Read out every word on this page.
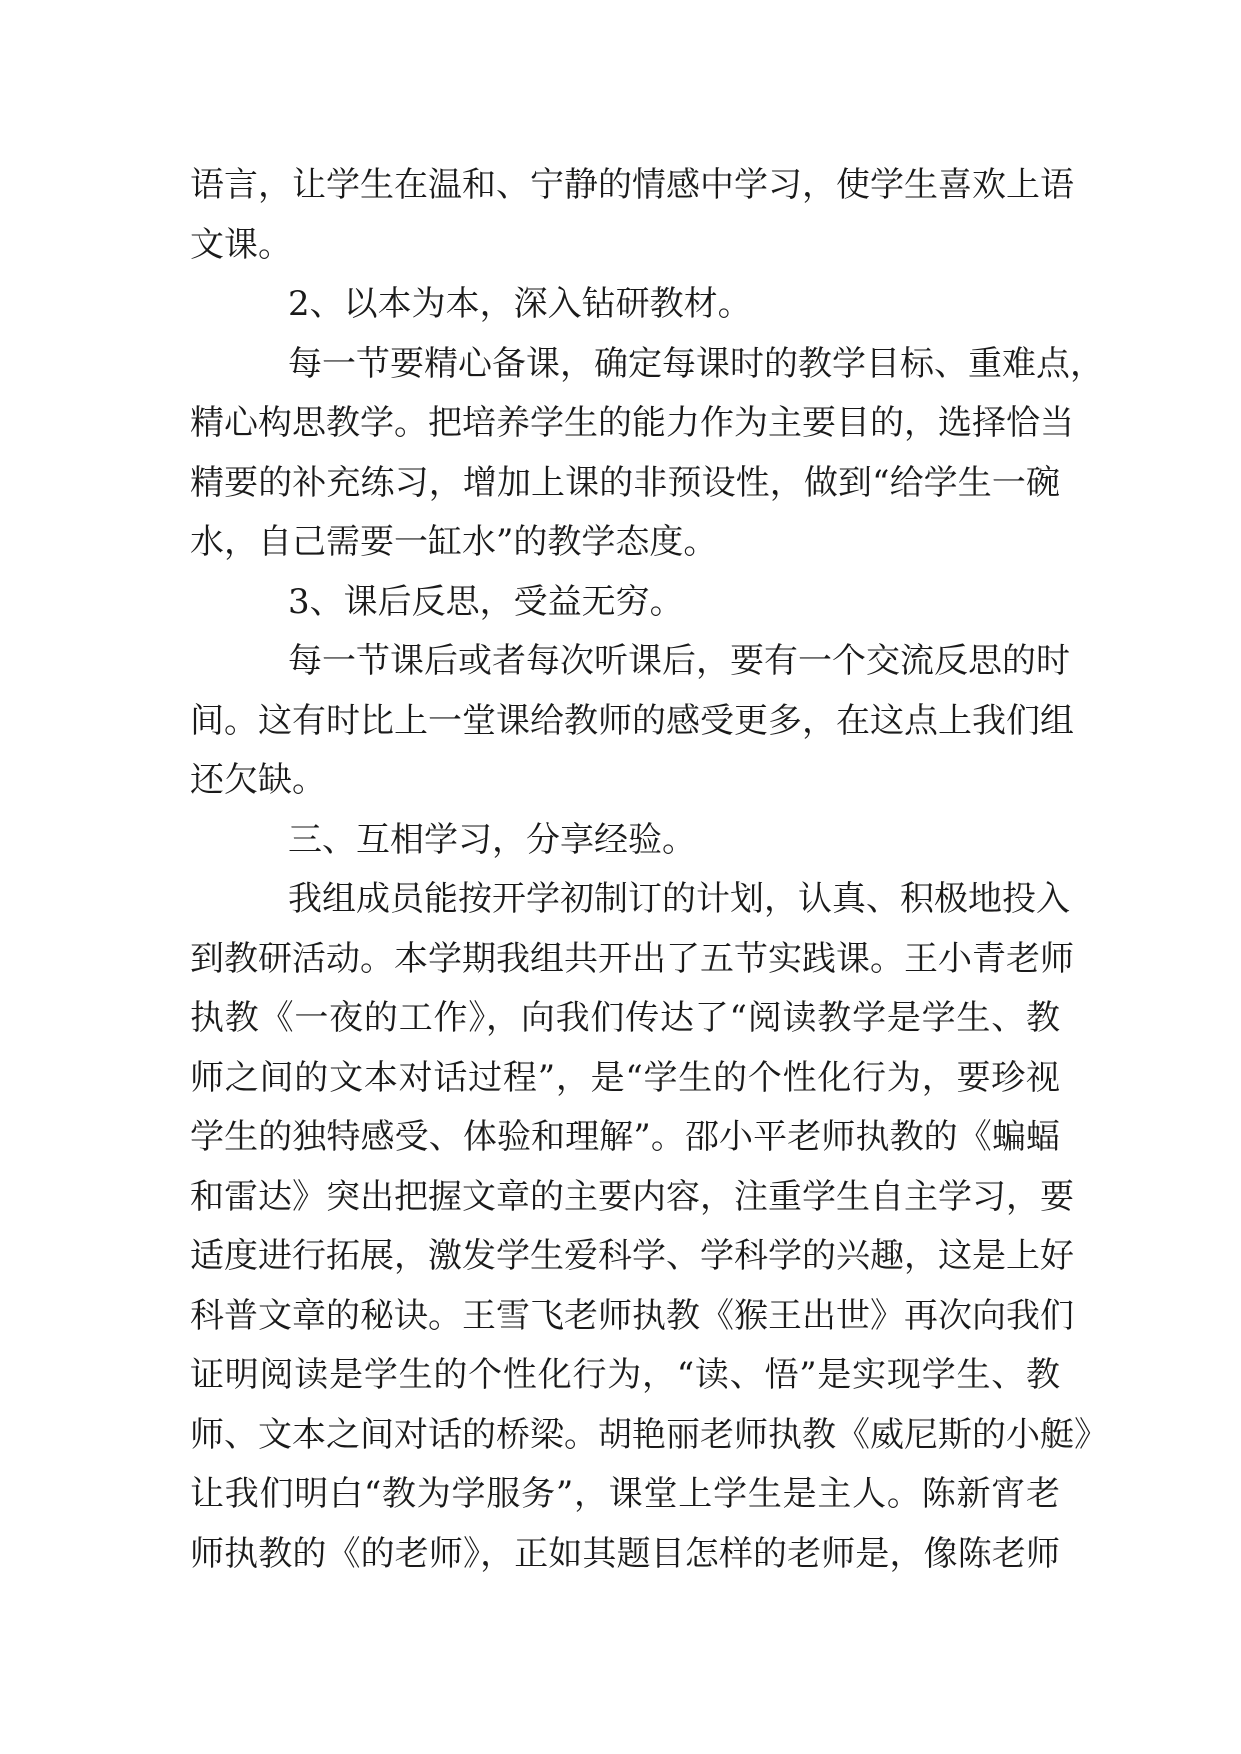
语言，让学生在温和、宁静的情感中学习，使学生喜欢上语
文课。
2、以本为本，深入钻研教材。
每一节要精心备课，确定每课时的教学目标、重难点，
精心构思教学。把培养学生的能力作为主要目的，选择恰当
精要的补充练习，增加上课的非预设性，做到“给学生一碗
水，自己需要一缸水”的教学态度。
3、课后反思，受益无穷。
每一节课后或者每次听课后，要有一个交流反思的时
间。这有时比上一堂课给教师的感受更多，在这点上我们组
还欠缺。
三、互相学习，分享经验。
我组成员能按开学初制订的计划，认真、积极地投入
到教研活动。本学期我组共开出了五节实践课。王小青老师
执教《一夜的工作》，向我们传达了“阅读教学是学生、教
师之间的文本对话过程”，是“学生的个性化行为，要珍视
学生的独特感受、体验和理解”。邵小平老师执教的《蝙蝠
和雷达》突出把握文章的主要内容，注重学生自主学习，要
适度进行拓展，激发学生爱科学、学科学的兴趣，这是上好
科普文章的秘诀。王雪飞老师执教《猴王出世》再次向我们
证明阅读是学生的个性化行为，“读、悟”是实现学生、教
师、文本之间对话的桥梁。胡艳丽老师执教《威尼斯的小艇》
让我们明白“教为学服务”，课堂上学生是主人。陈新宵老
师执教的《的老师》，正如其题目怎样的老师是，像陈老师
